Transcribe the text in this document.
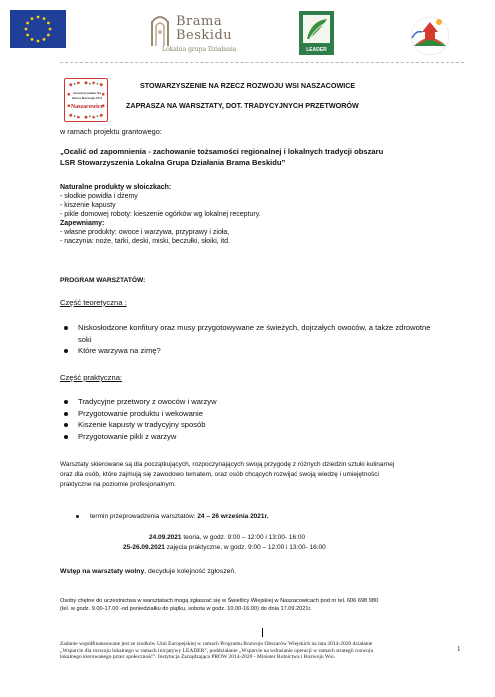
Brama
Beskidu
Lokalna grupa Działania	LEADER
Stowarzyszenie Na Rzecz Rozwoju Wsi
Naszacowice
STOWARZYSZENIE NA RZECZ ROZWOJU WSI NASZACOWICE
ZAPRASZA NA WARSZTATY, DOT. TRADYCYJNYCH PRZETWORÓW
w ramach projektu grantowego:
„Ocalić od zapomnienia - zachowanie tożsamości regionalnej i lokalnych tradycji obszaru
LSR Stowarzyszenia Lokalna Grupa Działania Brama Beskidu”
Naturalne produkty w słoiczkach:
- słodkie powidła i dżemy
- kiszenie kapusty
- pikle domowej roboty: kieszenie ogórków wg lokalnej receptury.
Zapewniamy:
- własne produkty: owoce i warzywa, przyprawy i zioła,
- naczynia: noże, tarki, deski, miski, beczułki, słoiki, itd.
PROGRAM WARSZTATÓW:
Część teoretyczna :
Niskosłodzone konfitury oraz musy przygotowywane ze świeżych, dojrzałych owoców, a także zdrowotne soki
Które warzywa na zimę?
Część praktyczna:
Tradycyjne przetwory z owoców i warzyw
Przygotowanie produktu i wekowanie
Kiszenie kapusty w tradycyjny sposób
Przygotowanie pikli z warzyw
Warsztaty skierowane są dla początkujących, rozpoczynających swoją przygodę z różnych dziedzin sztuki kulinarnej
oraz dla osób, które zajmują się zawodowo tematem, oraz osób chcących rozwijać swoją wiedzę i umiejętności
praktyczne na poziomie profesjonalnym.
termin przeprowadzenia warsztatów: 24 – 26 września 2021r.
24.09.2021 teoria, w godz. 9:00 – 12:00 i 13:00- 16:00
25-26.09.2021 zajęcia praktyczne, w godz. 9:00 – 12:00 i 13:00- 16:00
Wstęp na warsztaty wolny, decyduje kolejność zgłoszeń.
Osoby chętne do uczestnictwa w warsztatach mogą zgłaszać się w Świetlicy Wiejskiej w Naszacowicach pod nr tel. 606 698 980
(tel. w godz. 9.00-17.00 -od poniedziałku do piątku, sobota w godz. 10.00-16.00) do dnia 17.09.2021r.
Zadanie współfinansowane jest ze środków Unii Europejskiej w ramach Programu Rozwoju Obszarów Wiejskich na lata 2014-2020 działanie
„Wsparcie dla rozwoju lokalnego w ramach inicjatywy LEADER”, poddziałanie „Wsparcie na wdrażanie operacji w ramach strategii rozwoju
lokalnego kierowanego przez społeczność”. Instytucja Zarządzająca PROW 2014-2020 - Minister Rolnictwa i Rozwoju Wsi.
1
